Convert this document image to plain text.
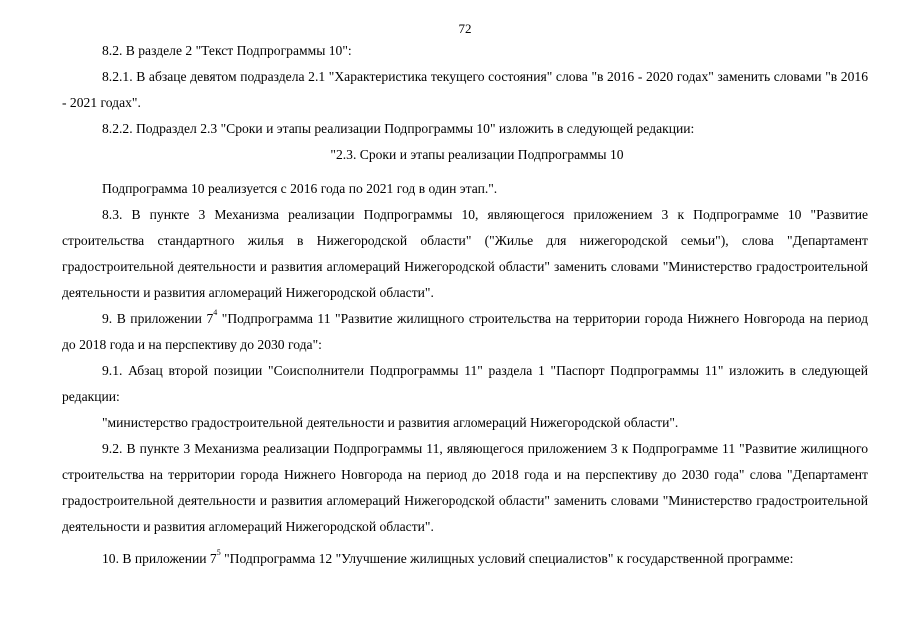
72
8.2. В разделе 2 "Текст Подпрограммы 10":
8.2.1. В абзаце девятом подраздела 2.1 "Характеристика текущего состояния" слова "в 2016 - 2020 годах" заменить словами "в 2016 - 2021 годах".
8.2.2. Подраздел 2.3 "Сроки и этапы реализации Подпрограммы 10" изложить в следующей редакции:
"2.3. Сроки и этапы реализации Подпрограммы 10
Подпрограмма 10 реализуется с 2016 года по 2021 год в один этап.".
8.3. В пункте 3 Механизма реализации Подпрограммы 10, являющегося приложением 3 к Подпрограмме 10 "Развитие строительства стандартного жилья в Нижегородской области" ("Жилье для нижегородской семьи"), слова "Департамент градостроительной деятельности и развития агломераций Нижегородской области" заменить словами "Министерство градостроительной деятельности и развития агломераций Нижегородской области".
9. В приложении $7^4$ "Подпрограмма 11 "Развитие жилищного строительства на территории города Нижнего Новгорода на период до 2018 года и на перспективу до 2030 года":
9.1. Абзац второй позиции "Соисполнители Подпрограммы 11" раздела 1 "Паспорт Подпрограммы 11" изложить в следующей редакции:
"министерство градостроительной деятельности и развития агломераций Нижегородской области".
9.2. В пункте 3 Механизма реализации Подпрограммы 11, являющегося приложением 3 к Подпрограмме 11 "Развитие жилищного строительства на территории города Нижнего Новгорода на период до 2018 года и на перспективу до 2030 года" слова "Департамент градостроительной деятельности и развития агломераций Нижегородской области" заменить словами "Министерство градостроительной деятельности и развития агломераций Нижегородской области".
10. В приложении $7^5$ "Подпрограмма 12 "Улучшение жилищных условий специалистов" к государственной программе:
